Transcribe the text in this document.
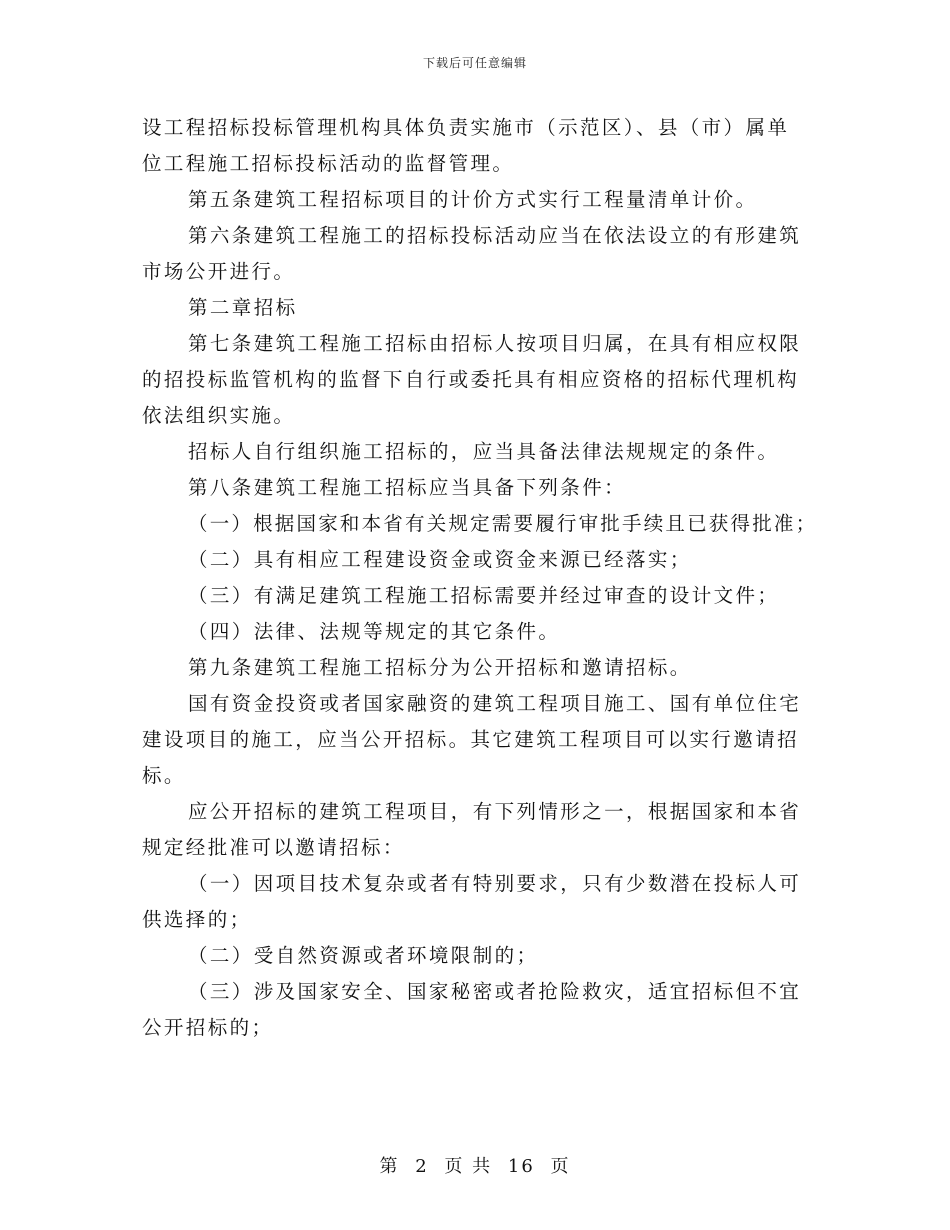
下载后可任意编辑

设工程招标投标管理机构具体负责实施市（示范区）、县（市）属单位工程施工招标投标活动的监督管理。

第五条建筑工程招标项目的计价方式实行工程量清单计价。

第六条建筑工程施工的招标投标活动应当在依法设立的有形建筑市场公开进行。

第二章招标

第七条建筑工程施工招标由招标人按项目归属，在具有相应权限的招投标监管机构的监督下自行或委托具有相应资格的招标代理机构依法组织实施。

招标人自行组织施工招标的，应当具备法律法规规定的条件。

第八条建筑工程施工招标应当具备下列条件：

（一）根据国家和本省有关规定需要履行审批手续且已获得批准；

（二）具有相应工程建设资金或资金来源已经落实；

（三）有满足建筑工程施工招标需要并经过审查的设计文件；

（四）法律、法规等规定的其它条件。

第九条建筑工程施工招标分为公开招标和邀请招标。

国有资金投资或者国家融资的建筑工程项目施工、国有单位住宅建设项目的施工，应当公开招标。其它建筑工程项目可以实行邀请招标。

应公开招标的建筑工程项目，有下列情形之一，根据国家和本省规定经批准可以邀请招标：

（一）因项目技术复杂或者有特别要求，只有少数潜在投标人可供选择的；

（二）受自然资源或者环境限制的；

（三）涉及国家安全、国家秘密或者抢险救灾，适宜招标但不宜公开招标的；

第 2 页 共 16 页
